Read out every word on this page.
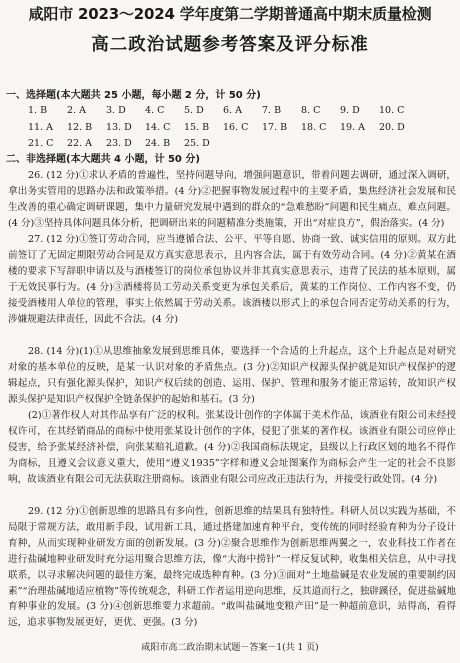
咸阳市 2023～2024 学年度第二学期普通高中期末质量检测
高二政治试题参考答案及评分标准
一、选择题(本大题共 25 小题，每小题 2 分，计 50 分)
1. B 2. A 3. D 4. C 5. D 6. A 7. B 8. C 9. D 10. C
11. A 12. B 13. D 14. C 15. B 16. C 17. B 18. C 19. A 20. D
21. C 22. A 23. D 24. B 25. D
二、非选择题(本大题共 4 小题，计 50 分)

26. (12 分)①求认矛盾的普遍性，坚持问题导向，增强问题意识，带着问题去调研，通过深入调研，拿出务实管用的思路办法和政策举措。(4 分)②把握事物发展过程中的主要矛盾，集焦经济社会发展和民生改善的重心确定调研课题，集中力量研究发展中遇到的群众的“急难愁盼”问题和民生痛点、难点问题。(4 分)③坚持具体问题具体分析，把调研出来的问题精准分类施策，开出“对症良方”，假治落实。(4 分)

27. (12 分)①签订劳动合同，应当遵循合法、公平、平等自愿、协商一致、诚实信用的原则。双方此前签订了无固定期限劳动合同是双方真实意思表示，且内容合法，属于有效劳动合同。(4 分)②黄某在酒楼的要求下写辞职申请以及与酒楼签订的岗位承包协议并非其真实意思表示，违背了民法的基本原则，属于无效民事行为。(4 分)③酒楼将员工劳动关系变更为承包关系后，黄某的工作岗位、工作内容不变，仍接受酒楼用人单位的管理，事实上依然属于劳动关系。该酒楼以形式上的承包合同否定劳动关系的行为，涉嫌规避法律责任，因此不合法。(4 分)

28. (14 分)(1)①从思维抽象发展到思维具体，要选择一个合适的上升起点，这个上升起点是对研究对象的基本单位的反映，是某一认识对象的矛盾焦点。(3 分)②知识产权源头保护就是知识产权保护的逻辑起点，只有强化源头保护，知识产权后续的创造、运用、保护、管理和服务才能正常运转，故知识产权源头保护是知识产权保护全链条保护的起始和基石。(3 分)

(2)①著作权人对其作品享有广泛的权利。张某设计创作的字体属于美术作品，该酒业有限公司未经授权许可，在其经销商品的商标中使用张某设计创作的字体，侵犯了张某的著作权。该酒业有限公司应停止侵害，给予张某经济补偿，向张某赔礼道歉。(4 分)②我国商标法规定，县级以上行政区划的地名不得作为商标，且遵义会议意义重大，使用“遵义1935”字样和遵义会址图案作为商标会产生一定的社会不良影响，故该酒业有限公司无法获取注册商标。该酒业有限公司应改正违法行为，并接受行政处罚。(4 分)

29. (12 分)①创新思维的思路具有多向性，创新思维的结果具有独特性。科研人员以实践为基础，不局限于常规方法，敢用新手段，试用新工具，通过搭建加速育种平台，变传统的同时经验育种为分子设计育种，从而实现种业研发方面的创新发展。(3 分)②聚合思维作为创新思维两翼之一，农业科技工作者在进行盐碱地种业研发时充分运用聚合思维方法，像“大海中捞针”一样反复试种，收集相关信息，从中寻找联系，以寻求解决问题的最佳方案，最终完成选种育种。(3 分)③面对“土地盐碱是农业发展的重要制约因素”“治理盐碱地适应植物”等传统观念，科研工作者运用逆向思维，反其道而行之，独辟蹊径，促进盐碱地育种事业的发展。(3 分)④创新思维要力求超前。“敢叫盐碱地变粮产田”是一种超前意识，站得高，看得远，追求事物发展更好，更优、更强。(3 分)

咸阳市高二政治期末试题－答案－1(共 1 页)
